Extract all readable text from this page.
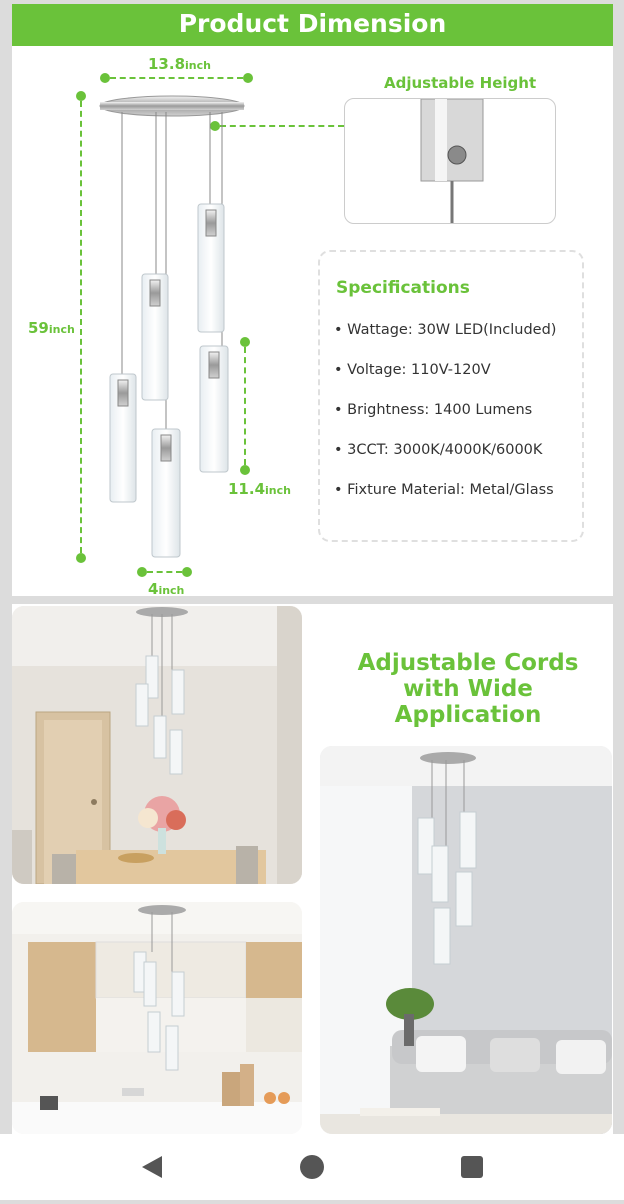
Product Dimension
13.8inch
59inch
11.4inch
4inch
Adjustable Height
Specifications
• Wattage: 30W LED(Included)
• Voltage: 110V-120V
• Brightness: 1400 Lumens
• 3CCT: 3000K/4000K/6000K
• Fixture Material: Metal/Glass
Adjustable Cords
with Wide Application
